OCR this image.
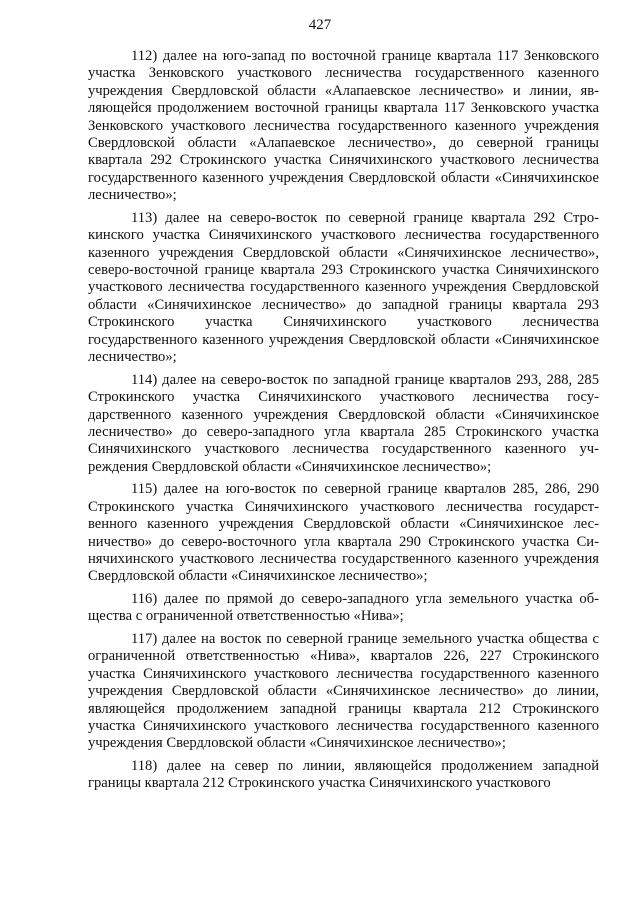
427

112) далее на юго-запад по восточной границе квартала 117 Зенковского участка Зенковского участкового лесничества государственного казенного учреждения Свердловской области «Алапаевское лесничество» и линии, являющейся продолжением восточной границы квартала 117 Зенковского участка Зенковского участкового лесничества государственного казенного учреждения Свердловской области «Алапаевское лесничество», до северной границы квартала 292 Строкинского участка Синячихинского участкового лесничества государственного казенного учреждения Свердловской области «Синячихинское лесничество»;

113) далее на северо-восток по северной границе квартала 292 Строкинского участка Синячихинского участкового лесничества государственного казенного учреждения Свердловской области «Синячихинское лесничество», северо-восточной границе квартала 293 Строкинского участка Синячихинского участкового лесничества государственного казенного учреждения Свердловской области «Синячихинское лесничество» до западной границы квартала 293 Строкинского участка Синячихинского участкового лесничества государственного казенного учреждения Свердловской области «Синячихинское лесничество»;

114) далее на северо-восток по западной границе кварталов 293, 288, 285 Строкинского участка Синячихинского участкового лесничества государственного казенного учреждения Свердловской области «Синячихинское лесничество» до северо-западного угла квартала 285 Строкинского участка Синячихинского участкового лесничества государственного казенного учреждения Свердловской области «Синячихинское лесничество»;

115) далее на юго-восток по северной границе кварталов 285, 286, 290 Строкинского участка Синячихинского участкового лесничества государственного казенного учреждения Свердловской области «Синячихинское лесничество» до северо-восточного угла квартала 290 Строкинского участка Синячихинского участкового лесничества государственного казенного учреждения Свердловской области «Синячихинское лесничество»;

116) далее по прямой до северо-западного угла земельного участка общества с ограниченной ответственностью «Нива»;

117) далее на восток по северной границе земельного участка общества с ограниченной ответственностью «Нива», кварталов 226, 227 Строкинского участка Синячихинского участкового лесничества государственного казенного учреждения Свердловской области «Синячихинское лесничество» до линии, являющейся продолжением западной границы квартала 212 Строкинского участка Синячихинского участкового лесничества государственного казенного учреждения Свердловской области «Синячихинское лесничество»;

118) далее на север по линии, являющейся продолжением западной границы квартала 212 Строкинского участка Синячихинского участкового
